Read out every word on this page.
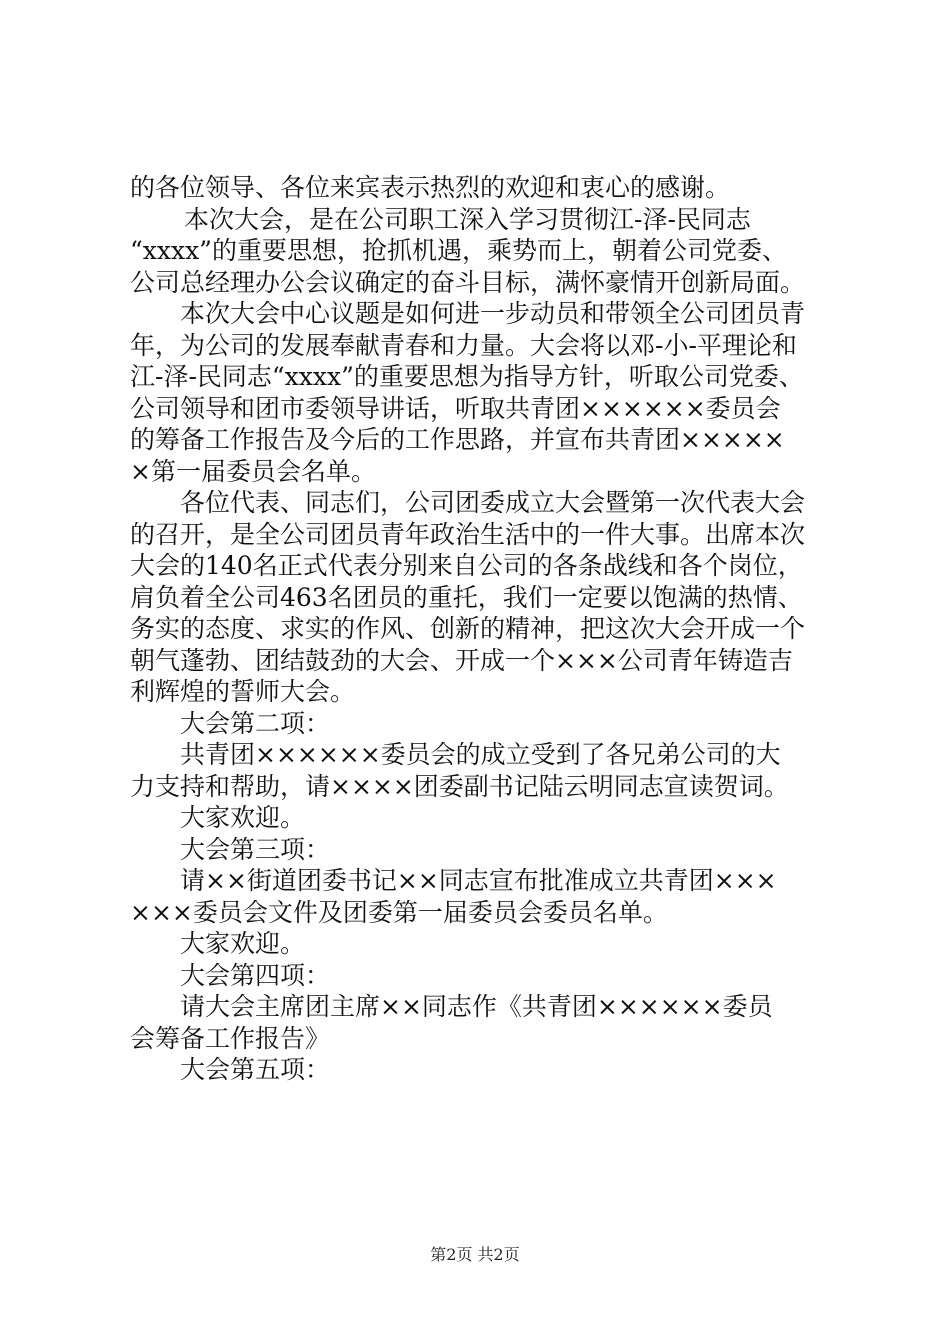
的各位领导、各位来宾表示热烈的欢迎和衷心的感谢。
本次大会，是在公司职工深入学习贯彻江-泽-民同志
“xxxx”的重要思想，抢抓机遇，乘势而上，朝着公司党委、
公司总经理办公会议确定的奋斗目标，满怀豪情开创新局面。
本次大会中心议题是如何进一步动员和带领全公司团员青
年，为公司的发展奉献青春和力量。大会将以邓-小-平理论和
江-泽-民同志“xxxx”的重要思想为指导方针，听取公司党委、
公司领导和团市委领导讲话，听取共青团××××××委员会
的筹备工作报告及今后的工作思路，并宣布共青团×××××
×第一届委员会名单。
各位代表、同志们，公司团委成立大会暨第一次代表大会
的召开，是全公司团员青年政治生活中的一件大事。出席本次
大会的140名正式代表分别来自公司的各条战线和各个岗位，
肩负着全公司463名团员的重托，我们一定要以饱满的热情、
务实的态度、求实的作风、创新的精神，把这次大会开成一个
朝气蓬勃、团结鼓劲的大会、开成一个×××公司青年铸造吉
利辉煌的誓师大会。
大会第二项：
共青团××××××委员会的成立受到了各兄弟公司的大
力支持和帮助，请××××团委副书记陆云明同志宣读贺词。
大家欢迎。
大会第三项：
请××街道团委书记××同志宣布批准成立共青团×××
×××委员会文件及团委第一届委员会委员名单。
大家欢迎。
大会第四项：
请大会主席团主席××同志作《共青团××××××委员
会筹备工作报告》
大会第五项：
第2页 共2页
